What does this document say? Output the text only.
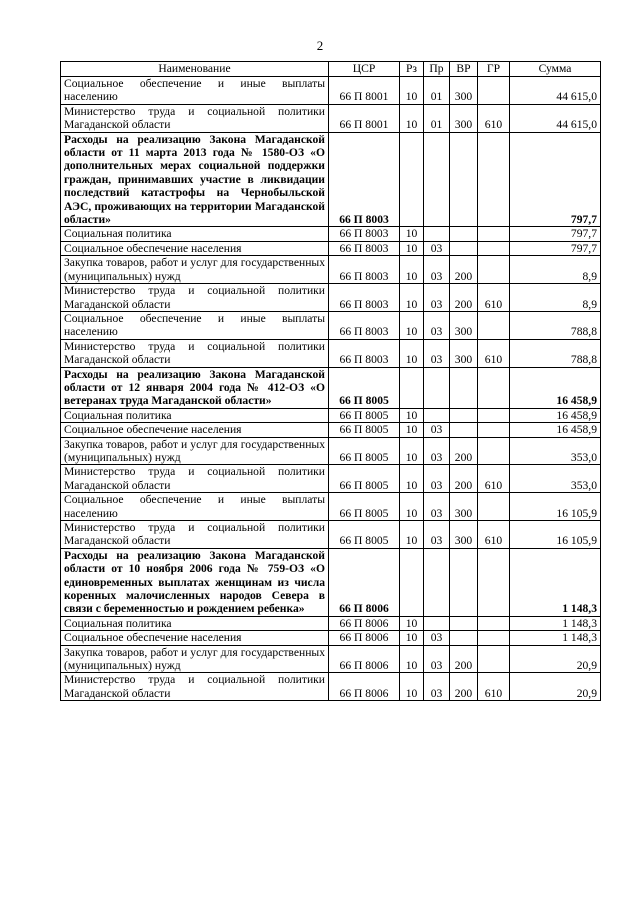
2
Наименование	ЦСР	Рз	Пр	ВР	ГР	Сумма
Социальное обеспечение и иные выплаты населению	66 П 8001	10	01	300		44 615,0
Министерство труда и социальной политики Магаданской области	66 П 8001	10	01	300	610	44 615,0
Расходы на реализацию Закона Магаданской области от 11 марта 2013 года № 1580-ОЗ «О дополнительных мерах социальной поддержки граждан, принимавших участие в ликвидации последствий катастрофы на Чернобыльской АЭС, проживающих на территории Магаданской области»	66 П 8003					797,7
Социальная политика	66 П 8003	10				797,7
Социальное обеспечение населения	66 П 8003	10	03			797,7
Закупка товаров, работ и услуг для государственных (муниципальных) нужд	66 П 8003	10	03	200		8,9
Министерство труда и социальной политики Магаданской области	66 П 8003	10	03	200	610	8,9
Социальное обеспечение и иные выплаты населению	66 П 8003	10	03	300		788,8
Министерство труда и социальной политики Магаданской области	66 П 8003	10	03	300	610	788,8
Расходы на реализацию Закона Магаданской области от 12 января 2004 года № 412-ОЗ «О ветеранах труда Магаданской области»	66 П 8005					16 458,9
Социальная политика	66 П 8005	10				16 458,9
Социальное обеспечение населения	66 П 8005	10	03			16 458,9
Закупка товаров, работ и услуг для государственных (муниципальных) нужд	66 П 8005	10	03	200		353,0
Министерство труда и социальной политики Магаданской области	66 П 8005	10	03	200	610	353,0
Социальное обеспечение и иные выплаты населению	66 П 8005	10	03	300		16 105,9
Министерство труда и социальной политики Магаданской области	66 П 8005	10	03	300	610	16 105,9
Расходы на реализацию Закона Магаданской области от 10 ноября 2006 года № 759-ОЗ «О единовременных выплатах женщинам из числа коренных малочисленных народов Севера в связи с беременностью и рождением ребенка»	66 П 8006					1 148,3
Социальная политика	66 П 8006	10				1 148,3
Социальное обеспечение населения	66 П 8006	10	03			1 148,3
Закупка товаров, работ и услуг для государственных (муниципальных) нужд	66 П 8006	10	03	200		20,9
Министерство труда и социальной политики Магаданской области	66 П 8006	10	03	200	610	20,9
